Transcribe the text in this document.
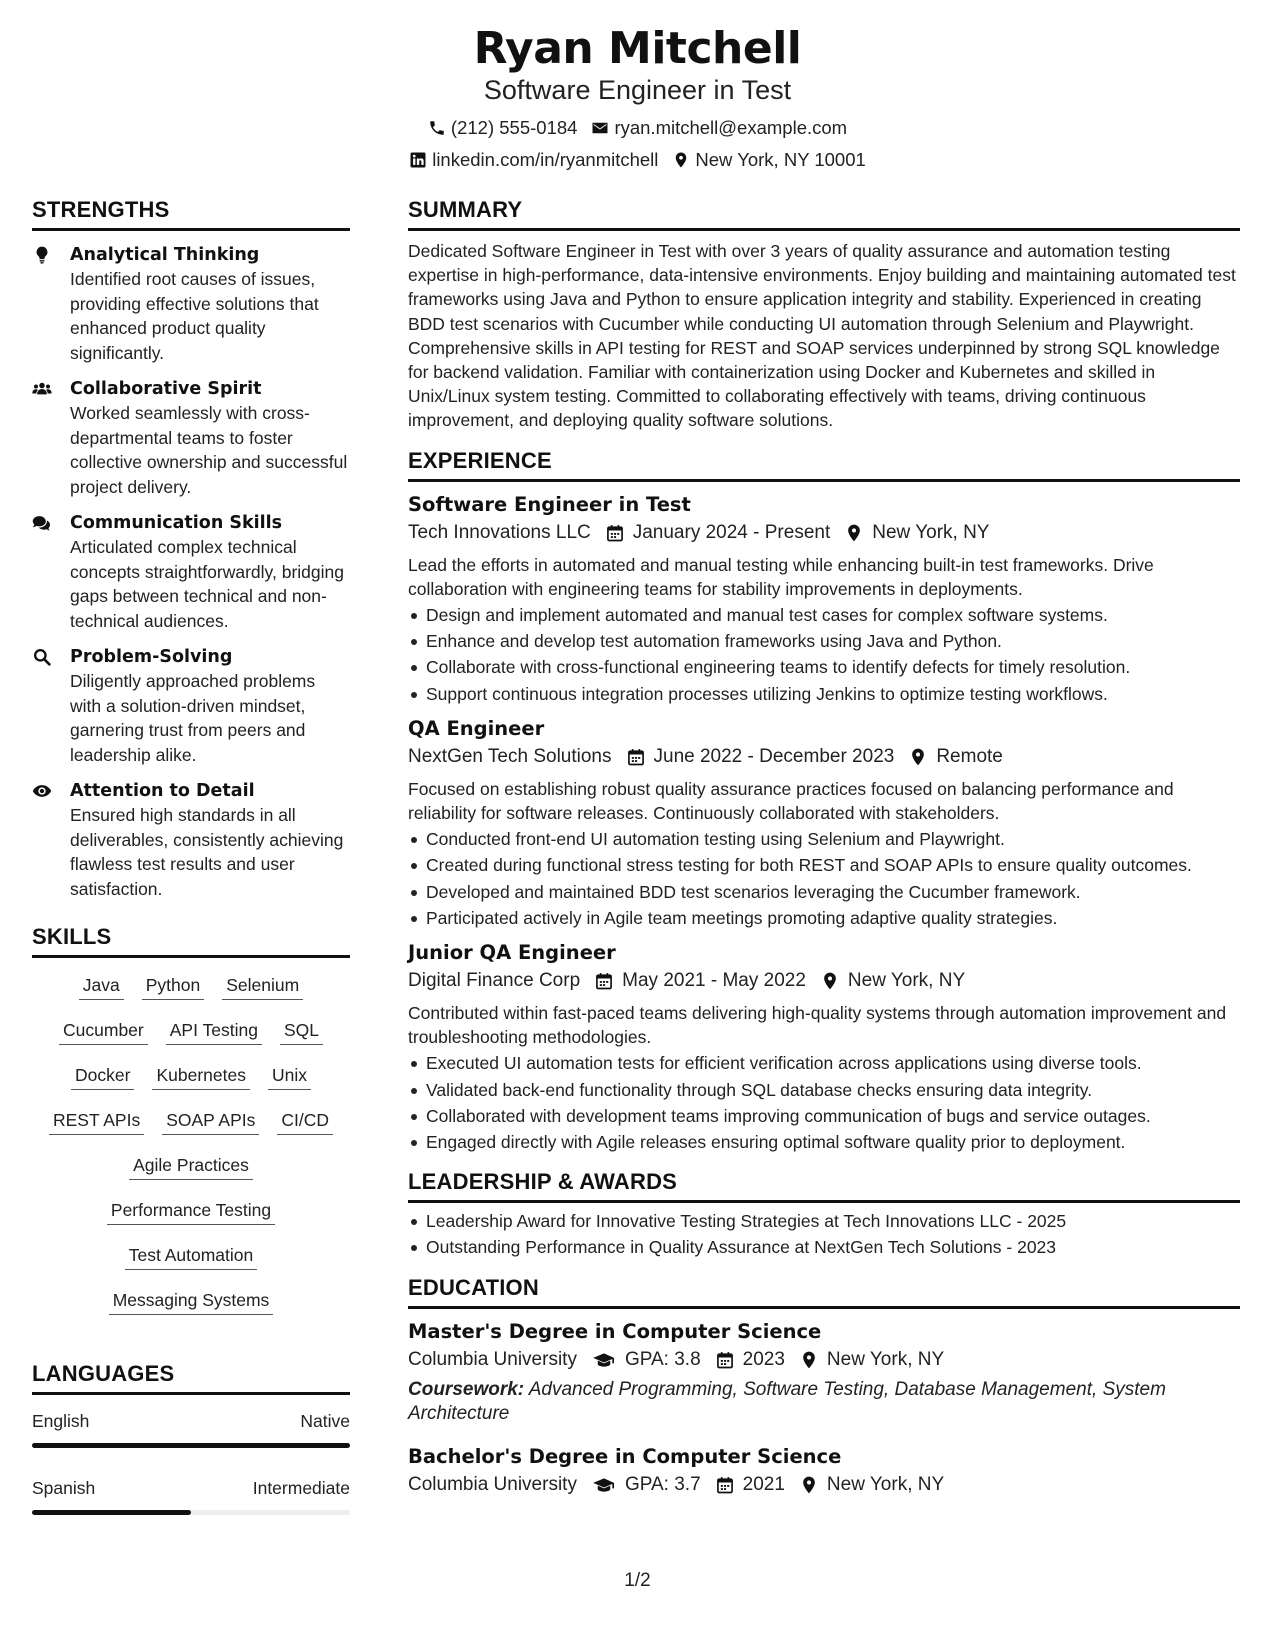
Ryan Mitchell
Software Engineer in Test
(212) 555-0184 ryan.mitchell@example.com
linkedin.com/in/ryanmitchell New York, NY 10001
STRENGTHS
Analytical Thinking
Identified root causes of issues, providing effective solutions that enhanced product quality significantly.
Collaborative Spirit
Worked seamlessly with cross-departmental teams to foster collective ownership and successful project delivery.
Communication Skills
Articulated complex technical concepts straightforwardly, bridging gaps between technical and non-technical audiences.
Problem-Solving
Diligently approached problems with a solution-driven mindset, garnering trust from peers and leadership alike.
Attention to Detail
Ensured high standards in all deliverables, consistently achieving flawless test results and user satisfaction.
SKILLS
Java Python Selenium
Cucumber API Testing SQL
Docker Kubernetes Unix
REST APIs SOAP APIs CI/CD
Agile Practices
Performance Testing
Test Automation
Messaging Systems
LANGUAGES
English	Native
Spanish	Intermediate
SUMMARY
Dedicated Software Engineer in Test with over 3 years of quality assurance and automation testing expertise in high-performance, data-intensive environments. Enjoy building and maintaining automated test frameworks using Java and Python to ensure application integrity and stability. Experienced in creating BDD test scenarios with Cucumber while conducting UI automation through Selenium and Playwright. Comprehensive skills in API testing for REST and SOAP services underpinned by strong SQL knowledge for backend validation. Familiar with containerization using Docker and Kubernetes and skilled in Unix/Linux system testing. Committed to collaborating effectively with teams, driving continuous improvement, and deploying quality software solutions.
EXPERIENCE
Software Engineer in Test
Tech Innovations LLC January 2024 - Present New York, NY
Lead the efforts in automated and manual testing while enhancing built-in test frameworks. Drive collaboration with engineering teams for stability improvements in deployments.
Design and implement automated and manual test cases for complex software systems.
Enhance and develop test automation frameworks using Java and Python.
Collaborate with cross-functional engineering teams to identify defects for timely resolution.
Support continuous integration processes utilizing Jenkins to optimize testing workflows.
QA Engineer
NextGen Tech Solutions June 2022 - December 2023 Remote
Focused on establishing robust quality assurance practices focused on balancing performance and reliability for software releases. Continuously collaborated with stakeholders.
Conducted front-end UI automation testing using Selenium and Playwright.
Created during functional stress testing for both REST and SOAP APIs to ensure quality outcomes.
Developed and maintained BDD test scenarios leveraging the Cucumber framework.
Participated actively in Agile team meetings promoting adaptive quality strategies.
Junior QA Engineer
Digital Finance Corp May 2021 - May 2022 New York, NY
Contributed within fast-paced teams delivering high-quality systems through automation improvement and troubleshooting methodologies.
Executed UI automation tests for efficient verification across applications using diverse tools.
Validated back-end functionality through SQL database checks ensuring data integrity.
Collaborated with development teams improving communication of bugs and service outages.
Engaged directly with Agile releases ensuring optimal software quality prior to deployment.
LEADERSHIP & AWARDS
Leadership Award for Innovative Testing Strategies at Tech Innovations LLC - 2025
Outstanding Performance in Quality Assurance at NextGen Tech Solutions - 2023
EDUCATION
Master's Degree in Computer Science
Columbia University	GPA: 3.8 2023 New York, NY
Coursework: Advanced Programming, Software Testing, Database Management, System Architecture
Bachelor's Degree in Computer Science
Columbia University	GPA: 3.7 2021 New York, NY
1/2
